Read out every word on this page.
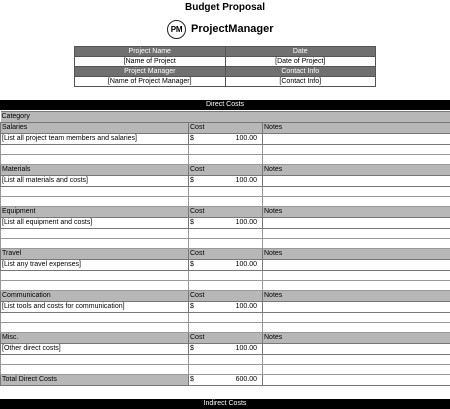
Budget Proposal
PM ProjectManager
Project Name	Date
[Name of Project	[Date of Project]
Project Manager	Contact Info
[Name of Project Manager]	[Contact Info]
Direct Costs
Category		
Salaries	Cost	Notes
[List all project team members and salaries]	$ 100.00	

Materials	Cost	Notes
[List all materials and costs]	$ 100.00	

Equipment	Cost	Notes
[List all equipment and costs]	$ 100.00	

Travel	Cost	Notes
[List any travel expenses]	$ 100.00	

Communication	Cost	Notes
[List tools and costs for communication]	$ 100.00	

Misc.	Cost	Notes
[Other direct costs]	$ 100.00	

Total Direct Costs	$ 600.00	

Indirect Costs
